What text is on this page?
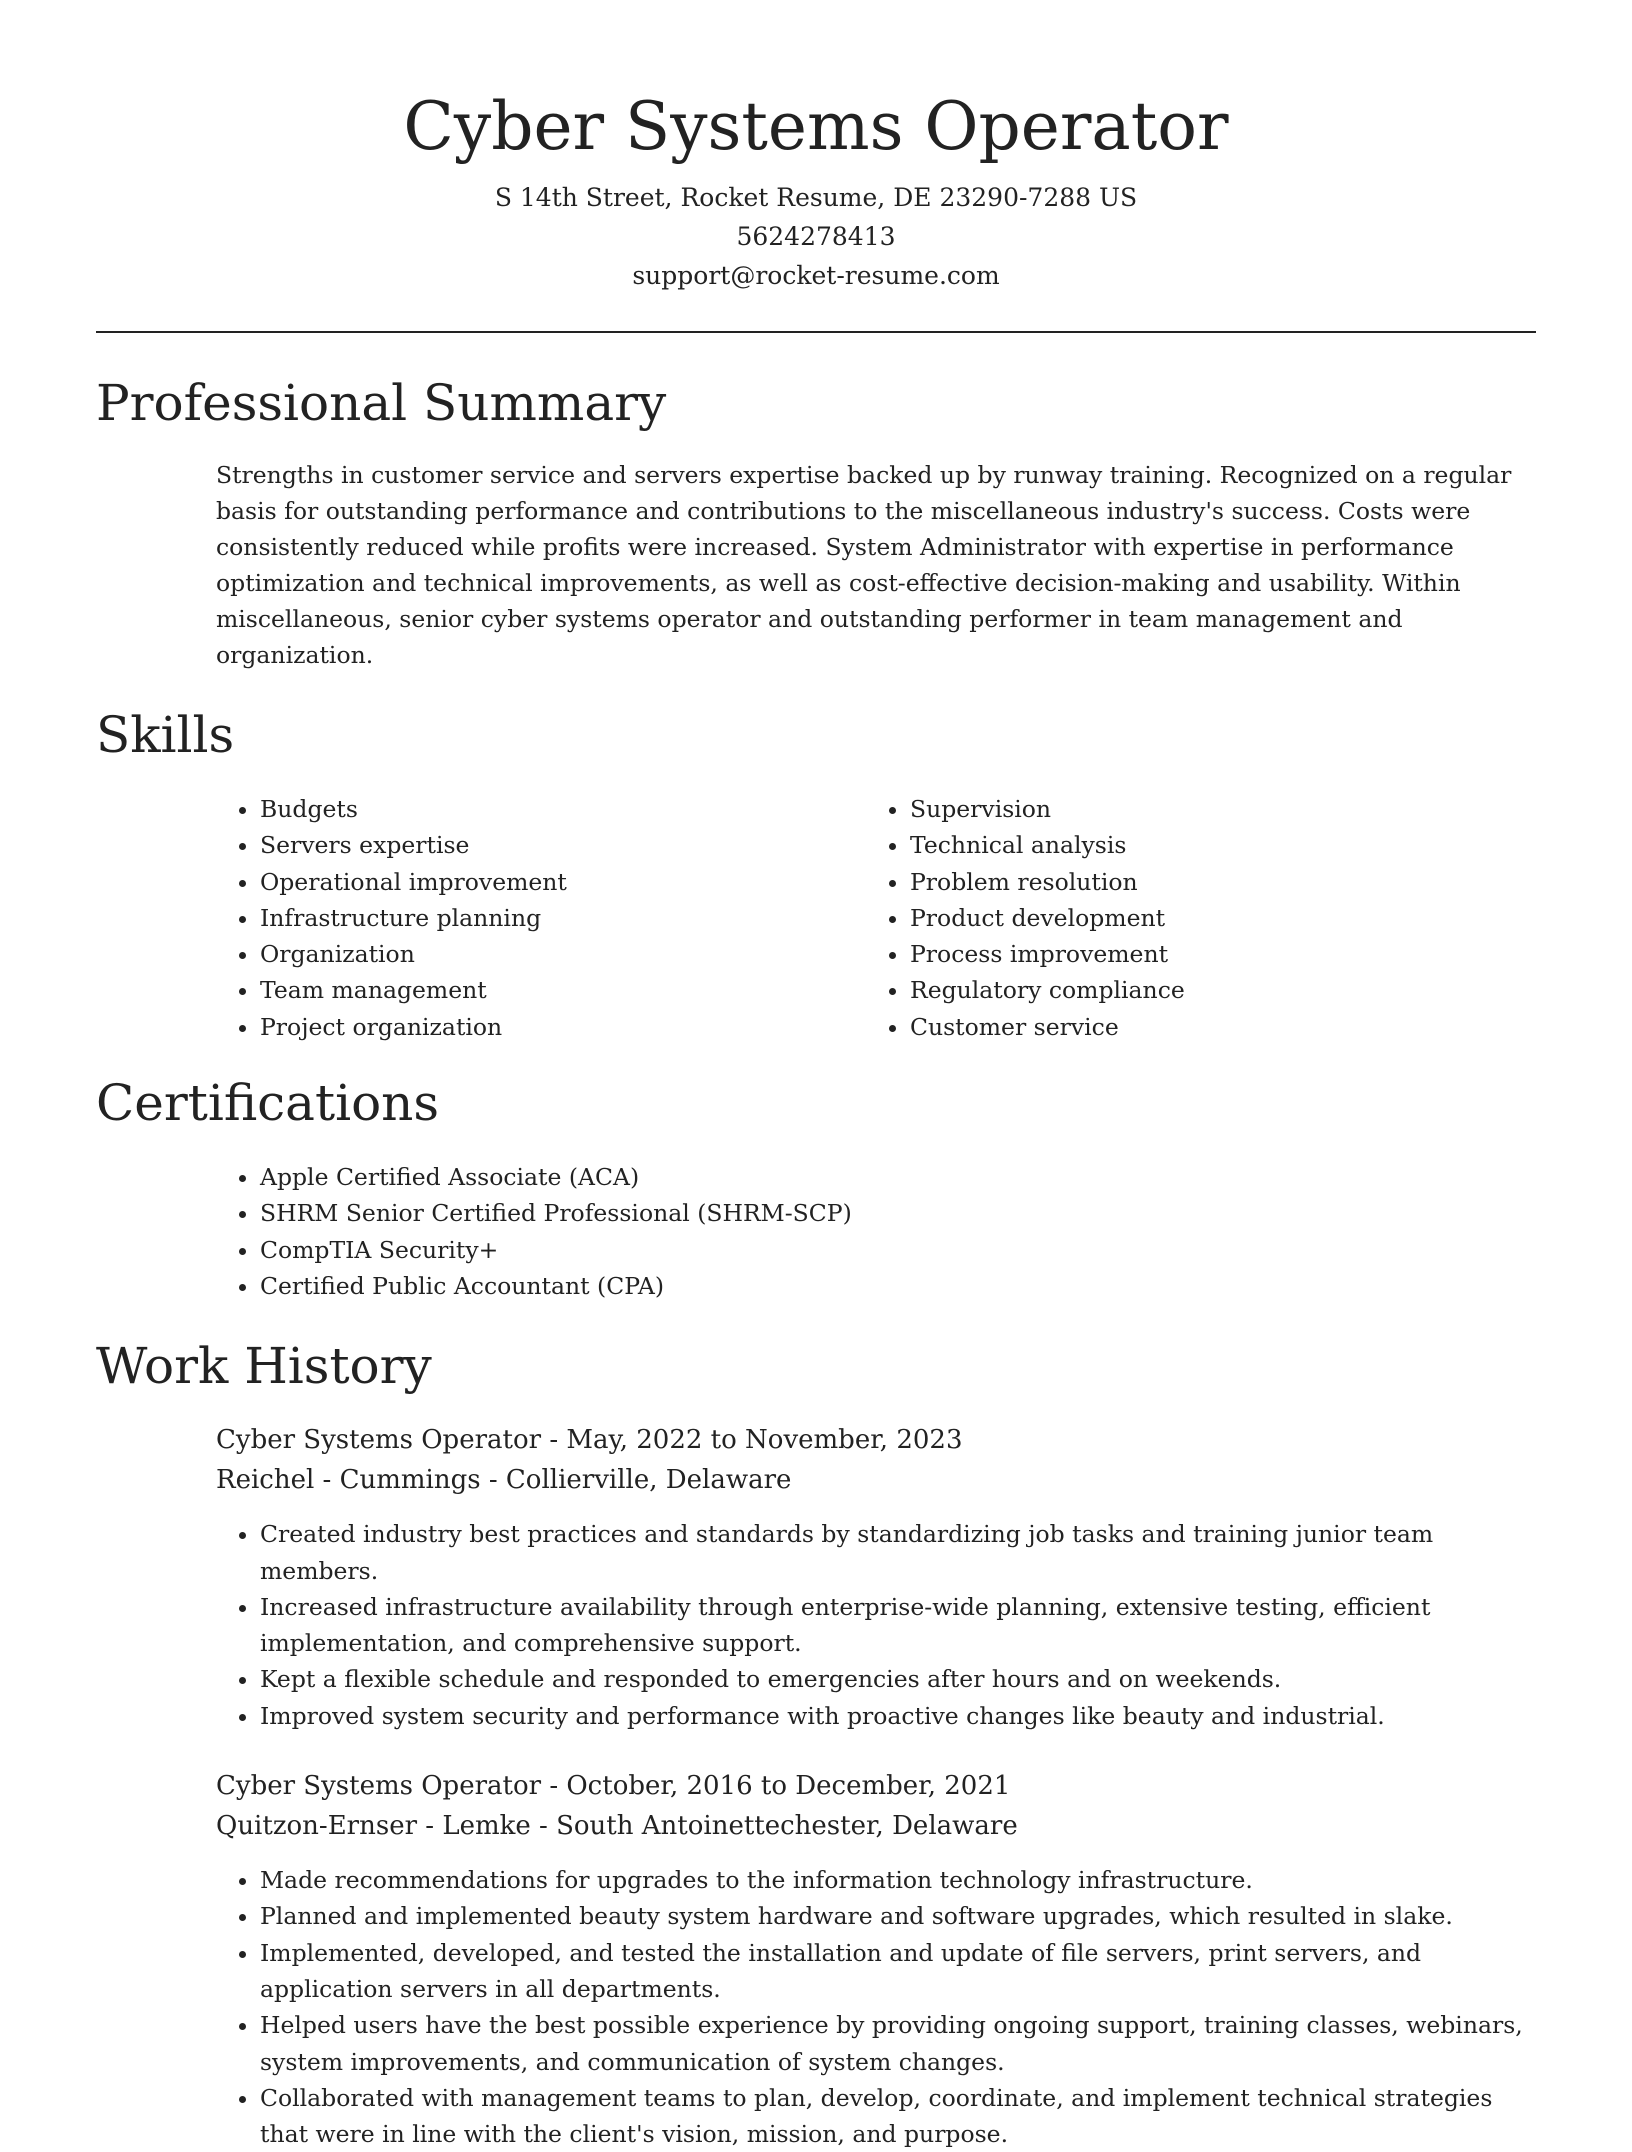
Cyber Systems Operator

S 14th Street, Rocket Resume, DE 23290-7288 US

5624278413

support@rocket-resume.com

Professional Summary

Strengths in customer service and servers expertise backed up by runway training. Recognized on a regular basis for outstanding performance and contributions to the miscellaneous industry's success. Costs were consistently reduced while profits were increased. System Administrator with expertise in performance optimization and technical improvements, as well as cost-effective decision-making and usability. Within miscellaneous, senior cyber systems operator and outstanding performer in team management and organization.

Skills
• Budgets
• Servers expertise
• Operational improvement
• Infrastructure planning
• Organization
• Team management
• Project organization
• Supervision
• Technical analysis
• Problem resolution
• Product development
• Process improvement
• Regulatory compliance
• Customer service
Certifications
• Apple Certified Associate (ACA)
• SHRM Senior Certified Professional (SHRM-SCP)
• CompTIA Security+
• Certified Public Accountant (CPA)
Work History

Cyber Systems Operator - May, 2022 to November, 2023

Reichel - Cummings - Collierville, Delaware

• Created industry best practices and standards by standardizing job tasks and training junior team members.
• Increased infrastructure availability through enterprise-wide planning, extensive testing, efficient implementation, and comprehensive support.
• Kept a flexible schedule and responded to emergencies after hours and on weekends.
• Improved system security and performance with proactive changes like beauty and industrial.

Cyber Systems Operator - October, 2016 to December, 2021

Quitzon-Ernser - Lemke - South Antoinettechester, Delaware

• Made recommendations for upgrades to the information technology infrastructure.
• Planned and implemented beauty system hardware and software upgrades, which resulted in slake.
• Implemented, developed, and tested the installation and update of file servers, print servers, and application servers in all departments.
• Helped users have the best possible experience by providing ongoing support, training classes, webinars, system improvements, and communication of system changes.
• Collaborated with management teams to plan, develop, coordinate, and implement technical strategies that were in line with the client's vision, mission, and purpose.
